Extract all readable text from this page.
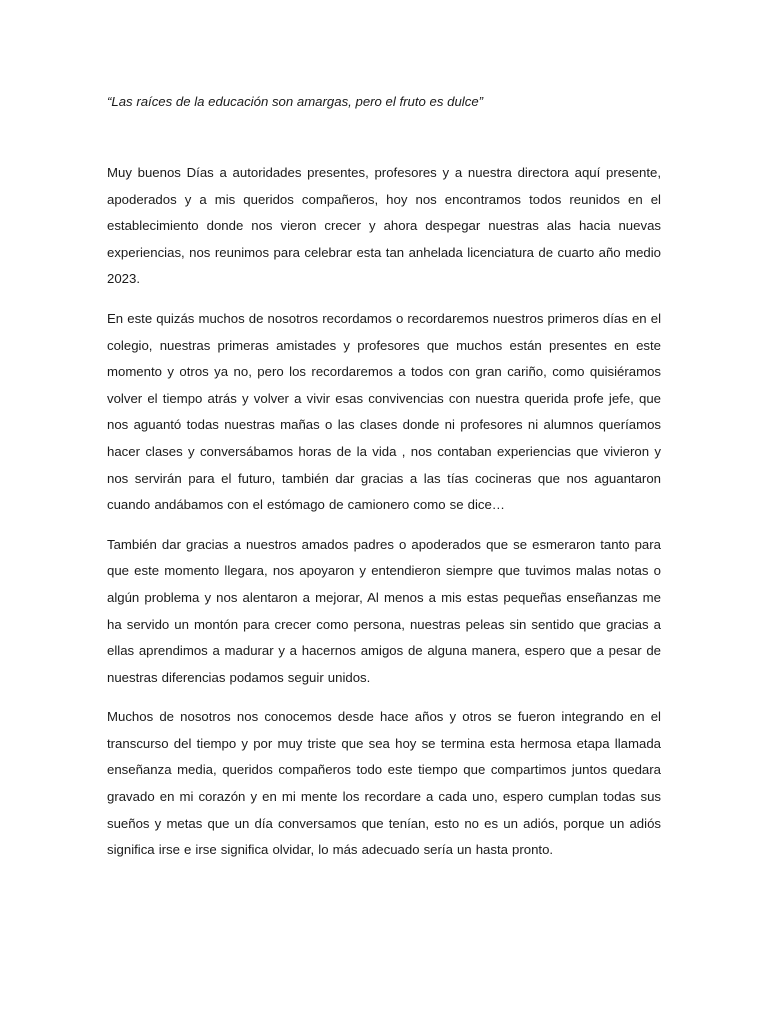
“Las raíces de la educación son amargas, pero el fruto es dulce”

Muy buenos Días a autoridades presentes, profesores y a nuestra directora aquí presente, apoderados y a mis queridos compañeros, hoy nos encontramos todos reunidos en el establecimiento donde nos vieron crecer y ahora despegar nuestras alas hacia nuevas experiencias, nos reunimos para celebrar esta tan anhelada licenciatura de cuarto año medio 2023.

En este quizás muchos de nosotros recordamos o recordaremos nuestros primeros días en el colegio, nuestras primeras amistades y profesores que muchos están presentes en este momento y otros ya no, pero los recordaremos a todos con gran cariño, como quisiéramos volver el tiempo atrás y volver a vivir esas convivencias con nuestra querida profe jefe, que nos aguantó todas nuestras mañas o las clases donde ni profesores ni alumnos queríamos hacer clases y conversábamos horas de la vida , nos contaban experiencias que vivieron y nos servirán para el futuro, también dar gracias a las tías cocineras que nos aguantaron cuando andábamos con el estómago de camionero como se dice…

También dar gracias a nuestros amados padres o apoderados que se esmeraron tanto para que este momento llegara, nos apoyaron y entendieron siempre que tuvimos malas notas o algún problema y nos alentaron a mejorar, Al menos a mis estas pequeñas enseñanzas me ha servido un montón para crecer como persona, nuestras peleas sin sentido que gracias a ellas aprendimos a madurar y a hacernos amigos de alguna manera, espero que a pesar de nuestras diferencias podamos seguir unidos.

Muchos de nosotros nos conocemos desde hace años y otros se fueron integrando en el transcurso del tiempo y por muy triste que sea hoy se termina esta hermosa etapa llamada enseñanza media, queridos compañeros todo este tiempo que compartimos juntos quedara gravado en mi corazón y en mi mente los recordare a cada uno, espero cumplan todas sus sueños y metas que un día conversamos que tenían, esto no es un adiós, porque un adiós significa irse e irse significa olvidar, lo más adecuado sería un hasta pronto.
